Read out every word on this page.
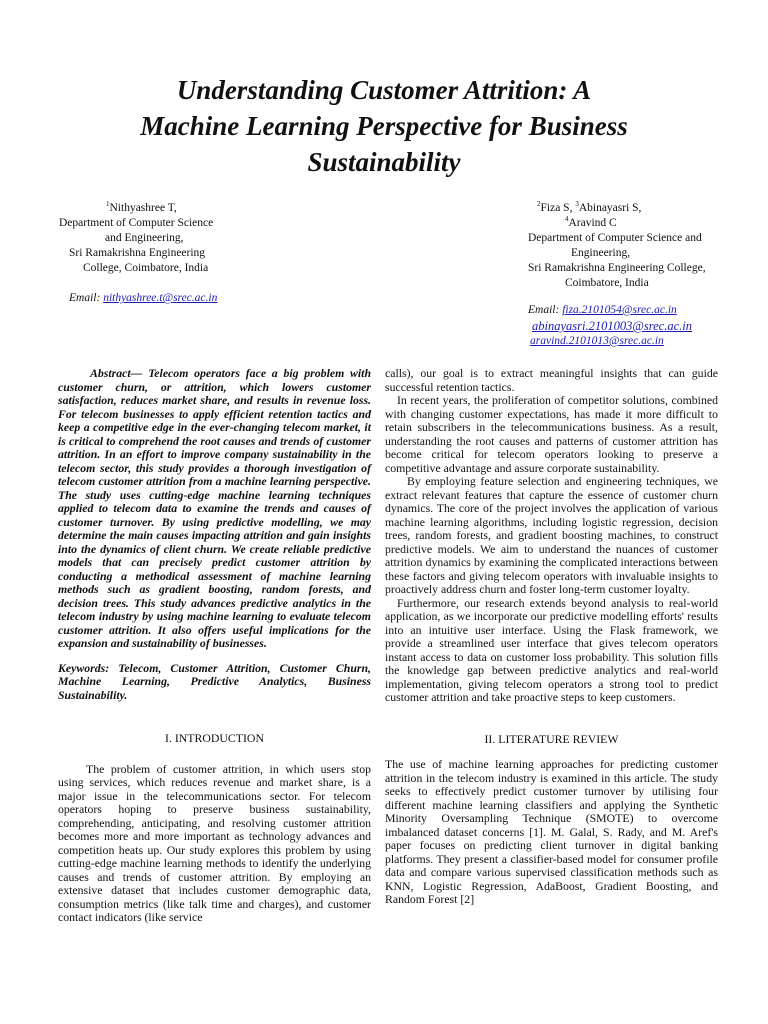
Understanding Customer Attrition: A
Machine Learning Perspective for Business
Sustainability
$^1$Nithyashree T,
Department of Computer Science
and Engineering,
Sri Ramakrishna Engineering
College, Coimbatore, India
Email: nithyashree.t@srec.ac.in
$^2$Fiza S, $^3$Abinayasri S,
$^4$Aravind C
Department of Computer Science and
Engineering,
Sri Ramakrishna Engineering College,
Coimbatore, India
Email: fiza.2101054@srec.ac.in
abinayasri.2101003@srec.ac.in
aravind.2101013@srec.ac.in

Abstract— Telecom operators face a big problem with customer churn, or attrition, which lowers customer satisfaction, reduces market share, and results in revenue loss. For telecom businesses to apply efficient retention tactics and keep a competitive edge in the ever-changing telecom market, it is critical to comprehend the root causes and trends of customer attrition. In an effort to improve company sustainability in the telecom sector, this study provides a thorough investigation of telecom customer attrition from a machine learning perspective. The study uses cutting-edge machine learning techniques applied to telecom data to examine the trends and causes of customer turnover. By using predictive modelling, we may determine the main causes impacting attrition and gain insights into the dynamics of client churn. We create reliable predictive models that can precisely predict customer attrition by conducting a methodical assessment of machine learning methods such as gradient boosting, random forests, and decision trees. This study advances predictive analytics in the telecom industry by using machine learning to evaluate telecom customer attrition. It also offers useful implications for the expansion and sustainability of businesses.

Keywords: Telecom, Customer Attrition, Customer Churn, Machine Learning, Predictive Analytics, Business Sustainability.

I. INTRODUCTION

The problem of customer attrition, in which users stop using services, which reduces revenue and market share, is a major issue in the telecommunications sector. For telecom operators hoping to preserve business sustainability, comprehending, anticipating, and resolving customer attrition becomes more and more important as technology advances and competition heats up. Our study explores this problem by using cutting-edge machine learning methods to identify the underlying causes and trends of customer attrition. By employing an extensive dataset that includes customer demographic data, consumption metrics (like talk time and charges), and customer contact indicators (like service

calls), our goal is to extract meaningful insights that can guide successful retention tactics.

In recent years, the proliferation of competitor solutions, combined with changing customer expectations, has made it more difficult to retain subscribers in the telecommunications business. As a result, understanding the root causes and patterns of customer attrition has become critical for telecom operators looking to preserve a competitive advantage and assure corporate sustainability.

By employing feature selection and engineering techniques, we extract relevant features that capture the essence of customer churn dynamics. The core of the project involves the application of various machine learning algorithms, including logistic regression, decision trees, random forests, and gradient boosting machines, to construct predictive models. We aim to understand the nuances of customer attrition dynamics by examining the complicated interactions between these factors and giving telecom operators with invaluable insights to proactively address churn and foster long-term customer loyalty.

Furthermore, our research extends beyond analysis to real-world application, as we incorporate our predictive modelling efforts' results into an intuitive user interface. Using the Flask framework, we provide a streamlined user interface that gives telecom operators instant access to data on customer loss probability. This solution fills the knowledge gap between predictive analytics and real-world implementation, giving telecom operators a strong tool to predict customer attrition and take proactive steps to keep customers.

II. LITERATURE REVIEW

The use of machine learning approaches for predicting customer attrition in the telecom industry is examined in this article. The study seeks to effectively predict customer turnover by utilising four different machine learning classifiers and applying the Synthetic Minority Oversampling Technique (SMOTE) to overcome imbalanced dataset concerns [1]. M. Galal, S. Rady, and M. Aref's paper focuses on predicting client turnover in digital banking platforms. They present a classifier-based model for consumer profile data and compare various supervised classification methods such as KNN, Logistic Regression, AdaBoost, Gradient Boosting, and Random Forest [2]
